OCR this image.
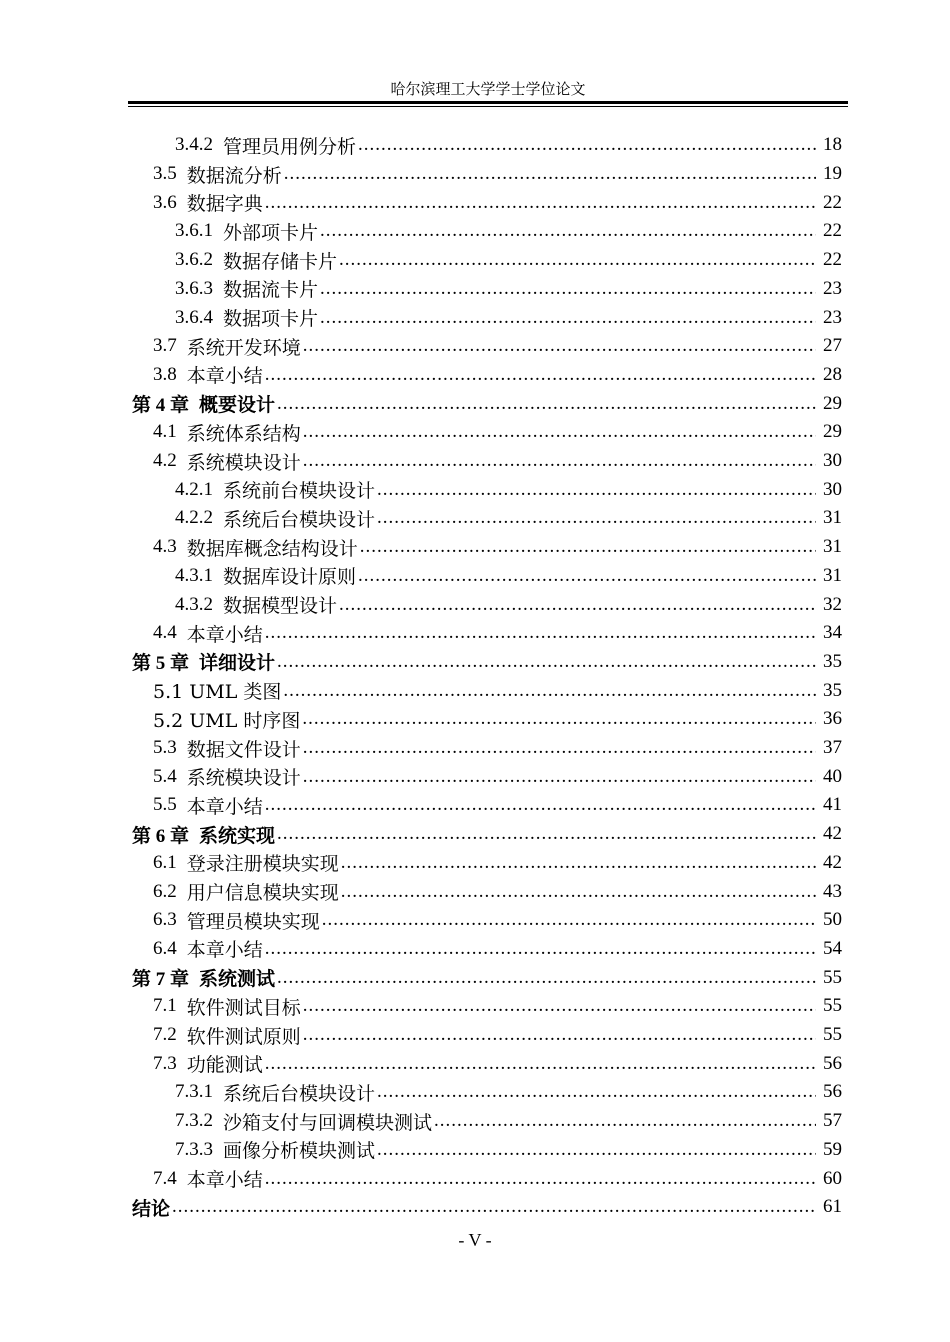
哈尔滨理工大学学士学位论文
3.4.2 管理员用例分析 .....	18
3.5 数据流分析 .....	19
3.6 数据字典 .....	22
3.6.1 外部项卡片 .....	22
3.6.2 数据存储卡片 .....	22
3.6.3 数据流卡片 .....	23
3.6.4 数据项卡片 .....	23
3.7 系统开发环境 .....	27
3.8 本章小结 .....	28
第 4 章 概要设计 .....	29
4.1 系统体系结构 .....	29
4.2 系统模块设计 .....	30
4.2.1 系统前台模块设计 .....	30
4.2.2 系统后台模块设计 .....	31
4.3 数据库概念结构设计 .....	31
4.3.1 数据库设计原则 .....	31
4.3.2 数据模型设计 .....	32
4.4 本章小结 .....	34
第 5 章 详细设计 .....	35
5.1 UML 类图 .....	35
5.2 UML 时序图 .....	36
5.3 数据文件设计 .....	37
5.4 系统模块设计 .....	40
5.5 本章小结 .....	41
第 6 章 系统实现 .....	42
6.1 登录注册模块实现 .....	42
6.2 用户信息模块实现 .....	43
6.3 管理员模块实现 .....	50
6.4 本章小结 .....	54
第 7 章 系统测试 .....	55
7.1 软件测试目标 .....	55
7.2 软件测试原则 .....	55
7.3 功能测试 .....	56
7.3.1 系统后台模块设计 .....	56
7.3.2 沙箱支付与回调模块测试 .....	57
7.3.3 画像分析模块测试 .....	59
7.4 本章小结 .....	60
结论 .....	61
- V -
